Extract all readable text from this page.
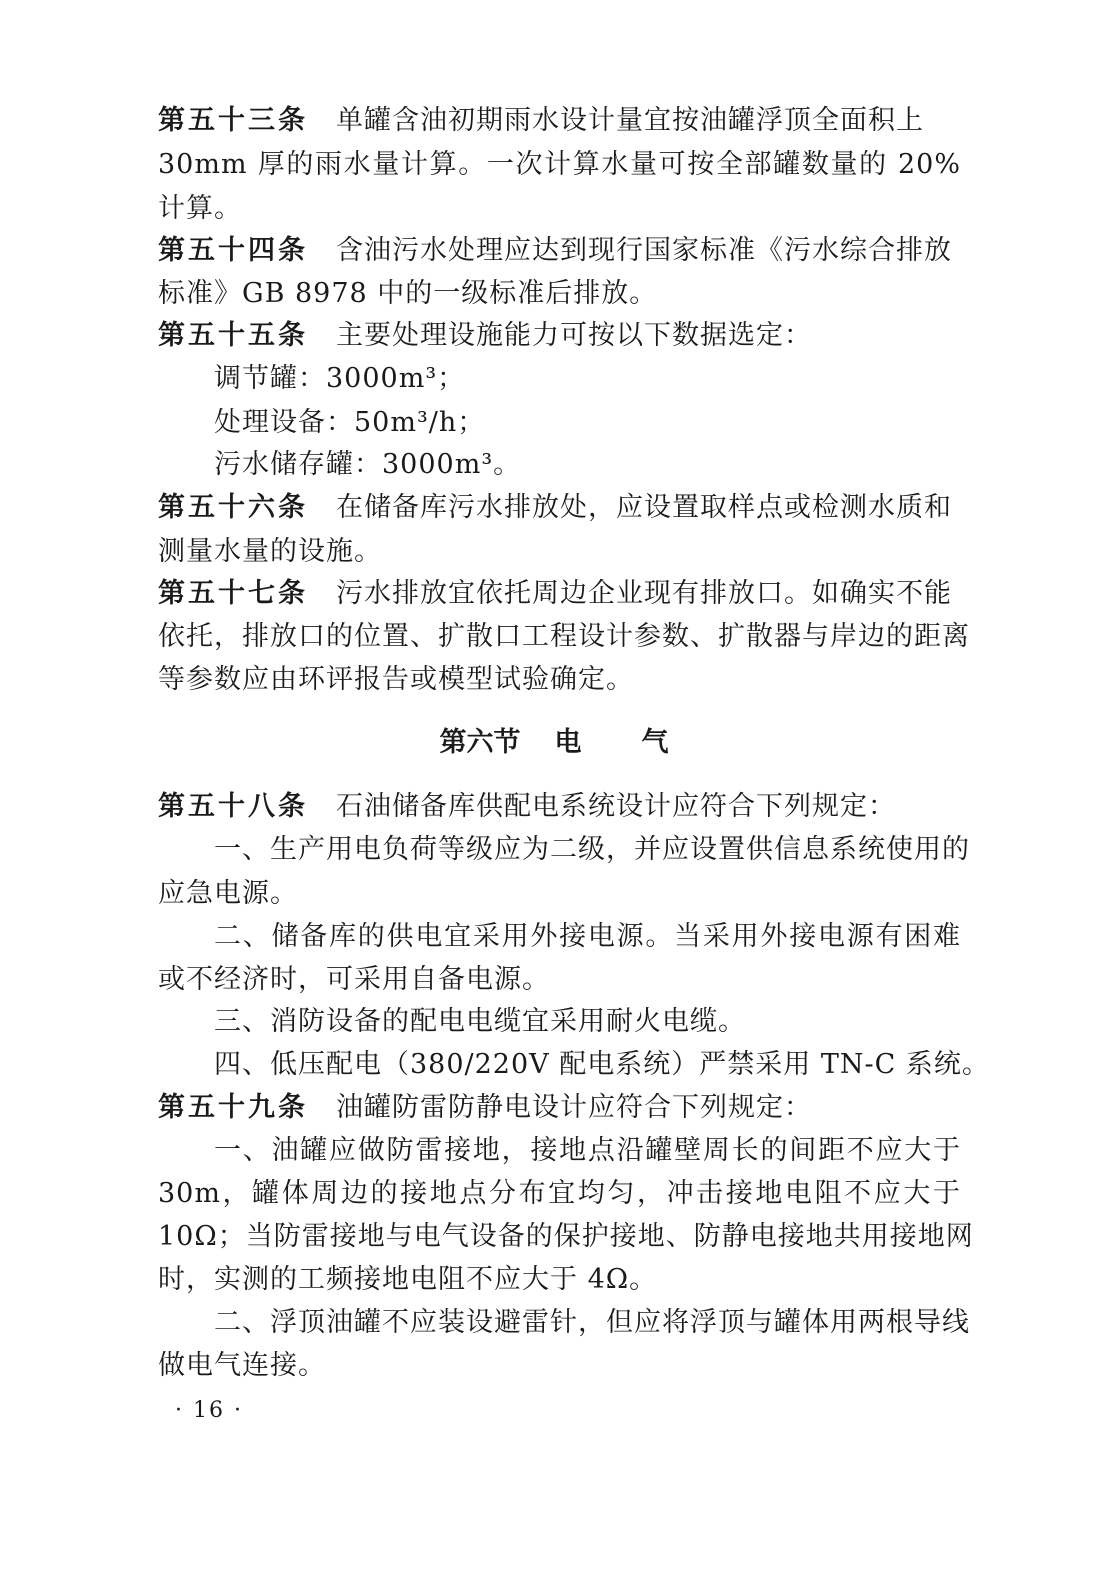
第五十三条 单罐含油初期雨水设计量宜按油罐浮顶全面积上
30mm 厚的雨水量计算。一次计算水量可按全部罐数量的 20%
计算。
第五十四条 含油污水处理应达到现行国家标准《污水综合排放
标准》GB 8978 中的一级标准后排放。
第五十五条 主要处理设施能力可按以下数据选定：
调节罐：3000m³；
处理设备：50m³/h；
污水储存罐：3000m³。
第五十六条 在储备库污水排放处，应设置取样点或检测水质和
测量水量的设施。
第五十七条 污水排放宜依托周边企业现有排放口。如确实不能
依托，排放口的位置、扩散口工程设计参数、扩散器与岸边的距离
等参数应由环评报告或模型试验确定。
第六节 电 气
第五十八条 石油储备库供配电系统设计应符合下列规定：
一、生产用电负荷等级应为二级，并应设置供信息系统使用的
应急电源。
二、储备库的供电宜采用外接电源。当采用外接电源有困难
或不经济时，可采用自备电源。
三、消防设备的配电电缆宜采用耐火电缆。
四、低压配电（380/220V 配电系统）严禁采用 TN-C 系统。
第五十九条 油罐防雷防静电设计应符合下列规定：
一、油罐应做防雷接地，接地点沿罐壁周长的间距不应大于
30m，罐体周边的接地点分布宜均匀，冲击接地电阻不应大于
10Ω；当防雷接地与电气设备的保护接地、防静电接地共用接地网
时，实测的工频接地电阻不应大于 4Ω。
二、浮顶油罐不应装设避雷针，但应将浮顶与罐体用两根导线
做电气连接。
· 16 ·
